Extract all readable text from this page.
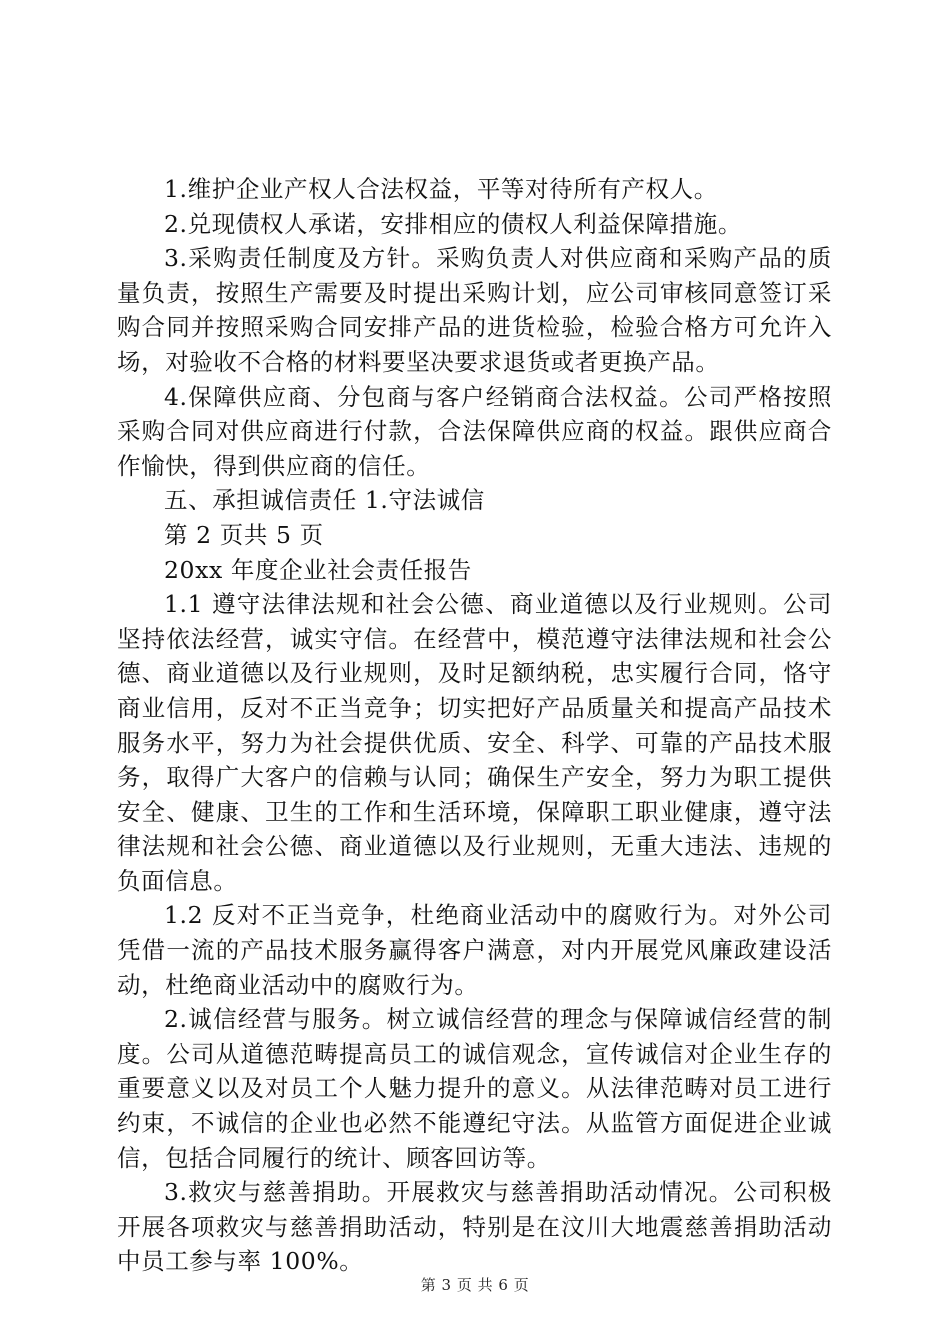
1.维护企业产权人合法权益，平等对待所有产权人。

2.兑现债权人承诺，安排相应的债权人利益保障措施。

3.采购责任制度及方针。采购负责人对供应商和采购产品的质量负责，按照生产需要及时提出采购计划，应公司审核同意签订采购合同并按照采购合同安排产品的进货检验，检验合格方可允许入场，对验收不合格的材料要坚决要求退货或者更换产品。

4.保障供应商、分包商与客户经销商合法权益。公司严格按照采购合同对供应商进行付款，合法保障供应商的权益。跟供应商合作愉快，得到供应商的信任。

五、承担诚信责任 1.守法诚信

第 2 页共 5 页

20xx 年度企业社会责任报告

1.1 遵守法律法规和社会公德、商业道德以及行业规则。公司坚持依法经营，诚实守信。在经营中，模范遵守法律法规和社会公德、商业道德以及行业规则，及时足额纳税，忠实履行合同，恪守商业信用，反对不正当竞争；切实把好产品质量关和提高产品技术服务水平，努力为社会提供优质、安全、科学、可靠的产品技术服务，取得广大客户的信赖与认同；确保生产安全，努力为职工提供安全、健康、卫生的工作和生活环境，保障职工职业健康，遵守法律法规和社会公德、商业道德以及行业规则，无重大违法、违规的负面信息。

1.2 反对不正当竞争，杜绝商业活动中的腐败行为。对外公司凭借一流的产品技术服务赢得客户满意，对内开展党风廉政建设活动，杜绝商业活动中的腐败行为。

2.诚信经营与服务。树立诚信经营的理念与保障诚信经营的制度。公司从道德范畴提高员工的诚信观念，宣传诚信对企业生存的重要意义以及对员工个人魅力提升的意义。从法律范畴对员工进行约束，不诚信的企业也必然不能遵纪守法。从监管方面促进企业诚信，包括合同履行的统计、顾客回访等。

3.救灾与慈善捐助。开展救灾与慈善捐助活动情况。公司积极开展各项救灾与慈善捐助活动，特别是在汶川大地震慈善捐助活动中员工参与率 100%。

第 3 页 共 6 页
